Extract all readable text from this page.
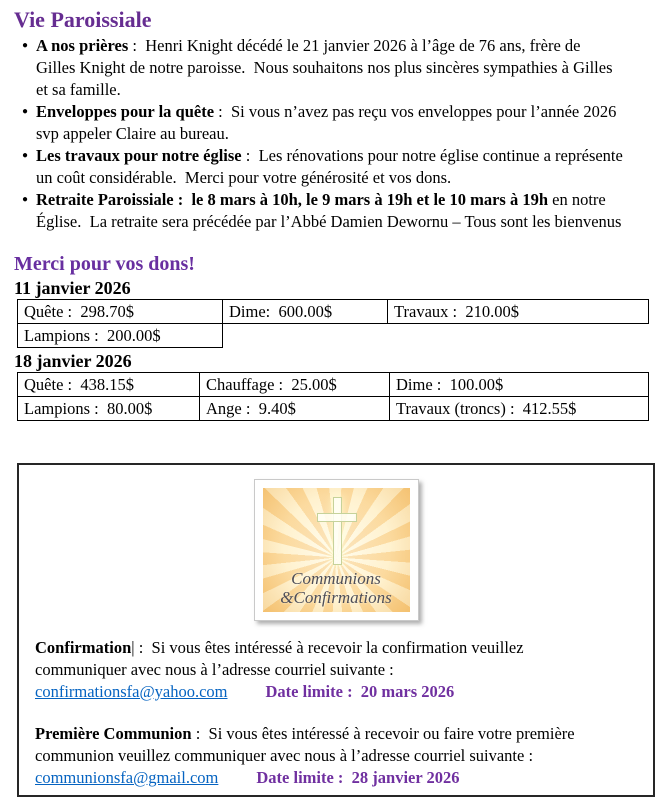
Vie Paroissiale
● A nos prières :  Henri Knight décédé le 21 janvier 2026 à l’âge de 76 ans, frère de
Gilles Knight de notre paroisse.  Nous souhaitons nos plus sincères sympathies à Gilles
et sa famille.
● Enveloppes pour la quête :  Si vous n’avez pas reçu vos enveloppes pour l’année 2026
svp appeler Claire au bureau.
● Les travaux pour notre église :  Les rénovations pour notre église continue a représente
un coût considérable.  Merci pour votre générosité et vos dons.
● Retraite Paroissiale :  le 8 mars à 10h, le 9 mars à 19h et le 10 mars à 19h en notre
Église.  La retraite sera précédée par l’Abbé Damien Dewornu – Tous sont les bienvenus
Merci pour vos dons!
11 janvier 2026
Quête :  298.70$	Dime:  600.00$	Travaux :  210.00$
Lampions :  200.00$		
18 janvier 2026
Quête :  438.15$	Chauffage :  25.00$	Dime :  100.00$
Lampions :  80.00$	Ange :  9.40$	Travaux (troncs) :  412.55$
Communions
&Confirmations
Confirmation| :  Si vous êtes intéressé à recevoir la confirmation veuillez
communiquer avec nous à l’adresse courriel suivante :
confirmationsfa@yahoo.com Date limite :  20 mars 2026
Première Communion :  Si vous êtes intéressé à recevoir ou faire votre première
communion veuillez communiquer avec nous à l’adresse courriel suivante :
communionsfa@gmail.com Date limite :  28 janvier 2026
